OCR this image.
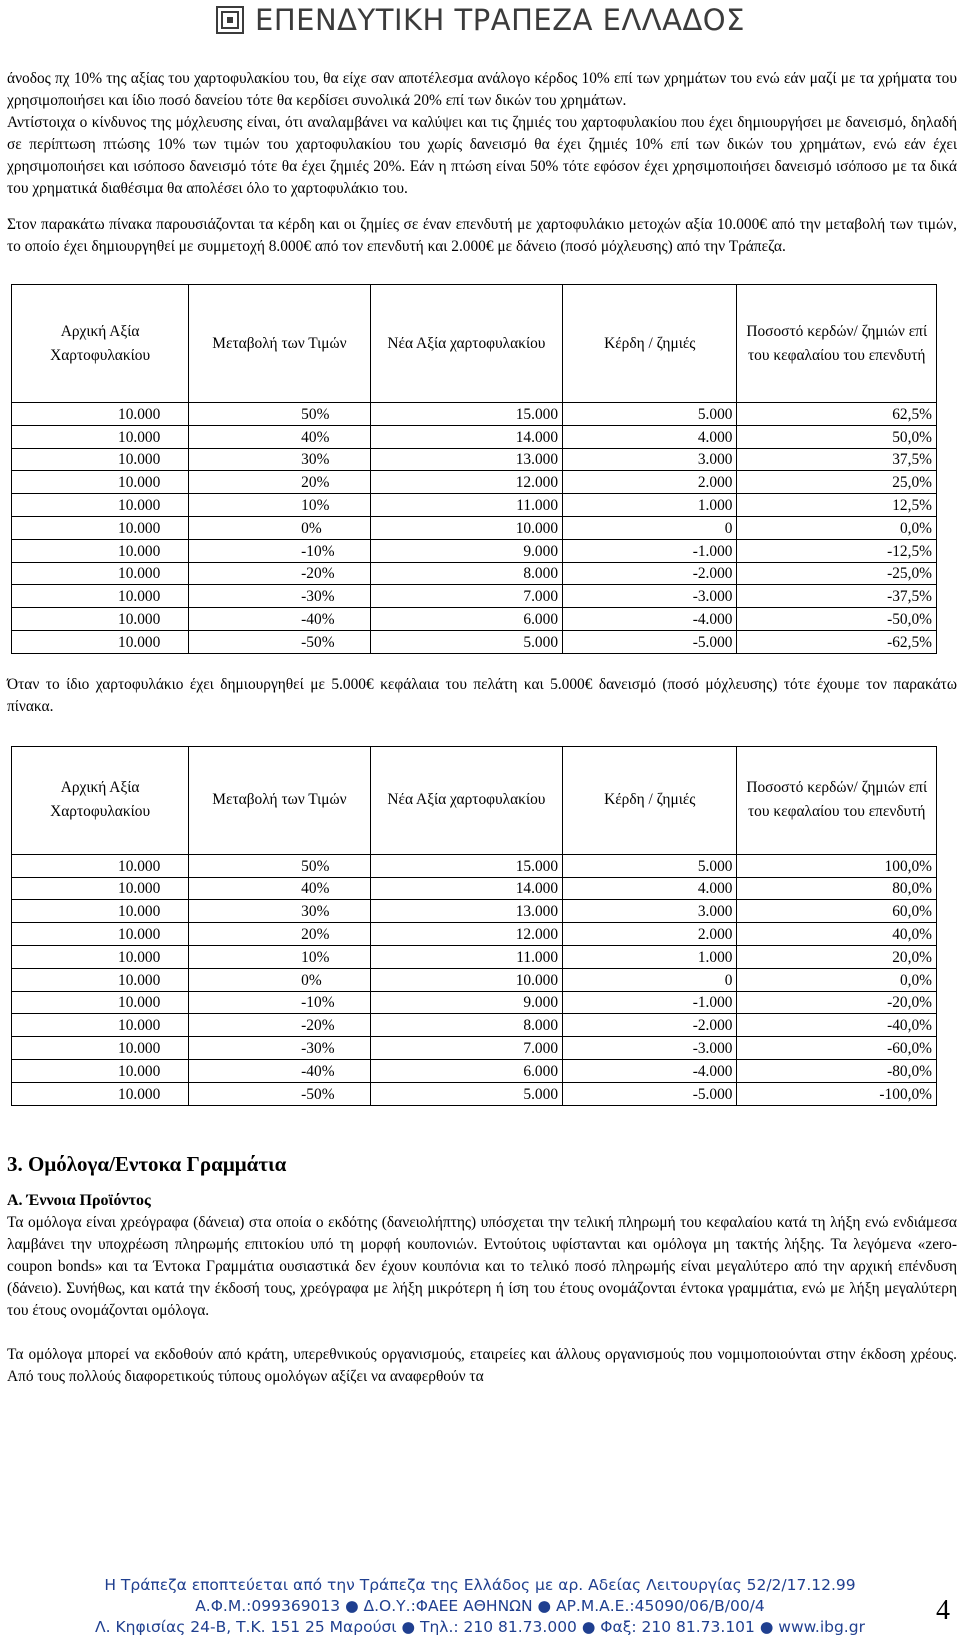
ΕΠΕΝΔΥΤΙΚΗ ΤΡΑΠΕΖΑ ΕΛΛΑΔΟΣ

άνοδος πχ 10% της αξίας του χαρτοφυλακίου του, θα είχε σαν αποτέλεσμα ανάλογο κέρδος 10% επί των χρημάτων του ενώ εάν μαζί με τα χρήματα του χρησιμοποιήσει και ίδιο ποσό δανείου τότε θα κερδίσει συνολικά 20% επί των δικών του χρημάτων.

Αντίστοιχα ο κίνδυνος της μόχλευσης είναι, ότι αναλαμβάνει να καλύψει και τις ζημιές του χαρτοφυλακίου που έχει δημιουργήσει με δανεισμό, δηλαδή σε περίπτωση πτώσης 10% των τιμών του χαρτοφυλακίου του χωρίς δανεισμό θα έχει ζημιές 10% επί των δικών του χρημάτων, ενώ εάν έχει χρησιμοποιήσει και ισόποσο δανεισμό τότε θα έχει ζημιές 20%. Εάν η πτώση είναι 50% τότε εφόσον έχει χρησιμοποιήσει δανεισμό ισόποσο με τα δικά του χρηματικά διαθέσιμα θα απολέσει όλο το χαρτοφυλάκιο του.

Στον παρακάτω πίνακα παρουσιάζονται τα κέρδη και οι ζημίες σε έναν επενδυτή με χαρτοφυλάκιο μετοχών αξία 10.000€ από την μεταβολή των τιμών, το οποίο έχει δημιουργηθεί με συμμετοχή 8.000€ από τον επενδυτή και 2.000€ με δάνειο (ποσό μόχλευσης) από την Τράπεζα.

Αρχική Αξία Χαρτοφυλακίου	Μεταβολή των Τιμών	Νέα Αξία χαρτοφυλακίου	Κέρδη / ζημιές	Ποσοστό κερδών/ ζημιών επί του κεφαλαίου του επενδυτή
10.000	50%	15.000	5.000	62,5%
10.000	40%	14.000	4.000	50,0%
10.000	30%	13.000	3.000	37,5%
10.000	20%	12.000	2.000	25,0%
10.000	10%	11.000	1.000	12,5%
10.000	0%	10.000	0	0,0%
10.000	-10%	9.000	-1.000	-12,5%
10.000	-20%	8.000	-2.000	-25,0%
10.000	-30%	7.000	-3.000	-37,5%
10.000	-40%	6.000	-4.000	-50,0%
10.000	-50%	5.000	-5.000	-62,5%

Όταν το ίδιο χαρτοφυλάκιο έχει δημιουργηθεί με 5.000€ κεφάλαια του πελάτη και 5.000€ δανεισμό (ποσό μόχλευσης) τότε έχουμε τον παρακάτω πίνακα.

Αρχική Αξία Χαρτοφυλακίου	Μεταβολή των Τιμών	Νέα Αξία χαρτοφυλακίου	Κέρδη / ζημιές	Ποσοστό κερδών/ ζημιών επί του κεφαλαίου του επενδυτή
10.000	50%	15.000	5.000	100,0%
10.000	40%	14.000	4.000	80,0%
10.000	30%	13.000	3.000	60,0%
10.000	20%	12.000	2.000	40,0%
10.000	10%	11.000	1.000	20,0%
10.000	0%	10.000	0	0,0%
10.000	-10%	9.000	-1.000	-20,0%
10.000	-20%	8.000	-2.000	-40,0%
10.000	-30%	7.000	-3.000	-60,0%
10.000	-40%	6.000	-4.000	-80,0%
10.000	-50%	5.000	-5.000	-100,0%
3. Ομόλογα/Εντοκα Γραμμάτια
Α. Έννοια Προϊόντος

Τα ομόλογα είναι χρεόγραφα (δάνεια) στα οποία ο εκδότης (δανειολήπτης) υπόσχεται την τελική πληρωμή του κεφαλαίου κατά τη λήξη ενώ ενδιάμεσα λαμβάνει την υποχρέωση πληρωμής επιτοκίου υπό τη μορφή κουπονιών. Εντούτοις υφίστανται και ομόλογα μη τακτής λήξης. Τα λεγόμενα «zero-coupon bonds» και τα Έντοκα Γραμμάτια ουσιαστικά δεν έχουν κουπόνια και το τελικό ποσό πληρωμής είναι μεγαλύτερο από την αρχική επένδυση (δάνειο). Συνήθως, και κατά την έκδοσή τους, χρεόγραφα με λήξη μικρότερη ή ίση του έτους ονομάζονται έντοκα γραμμάτια, ενώ με λήξη μεγαλύτερη του έτους ονομάζονται ομόλογα.

Τα ομόλογα μπορεί να εκδοθούν από κράτη, υπερεθνικούς οργανισμούς, εταιρείες και άλλους οργανισμούς που νομιμοποιούνται στην έκδοση χρέους. Από τους πολλούς διαφορετικούς τύπους ομολόγων αξίζει να αναφερθούν τα

Η Τράπεζα εποπτεύεται από την Τράπεζα της Ελλάδος με αρ. Αδείας Λειτουργίας 52/2/17.12.99
Α.Φ.Μ.:099369013 ● Δ.Ο.Υ.:ΦΑΕΕ ΑΘΗΝΩΝ ● ΑΡ.Μ.Α.Ε.:45090/06/Β/00/4
Λ. Κηφισίας 24-Β, Τ.Κ. 151 25 Μαρούσι ● Τηλ.: 210 81.73.000 ● Φαξ: 210 81.73.101 ● www.ibg.gr
4
